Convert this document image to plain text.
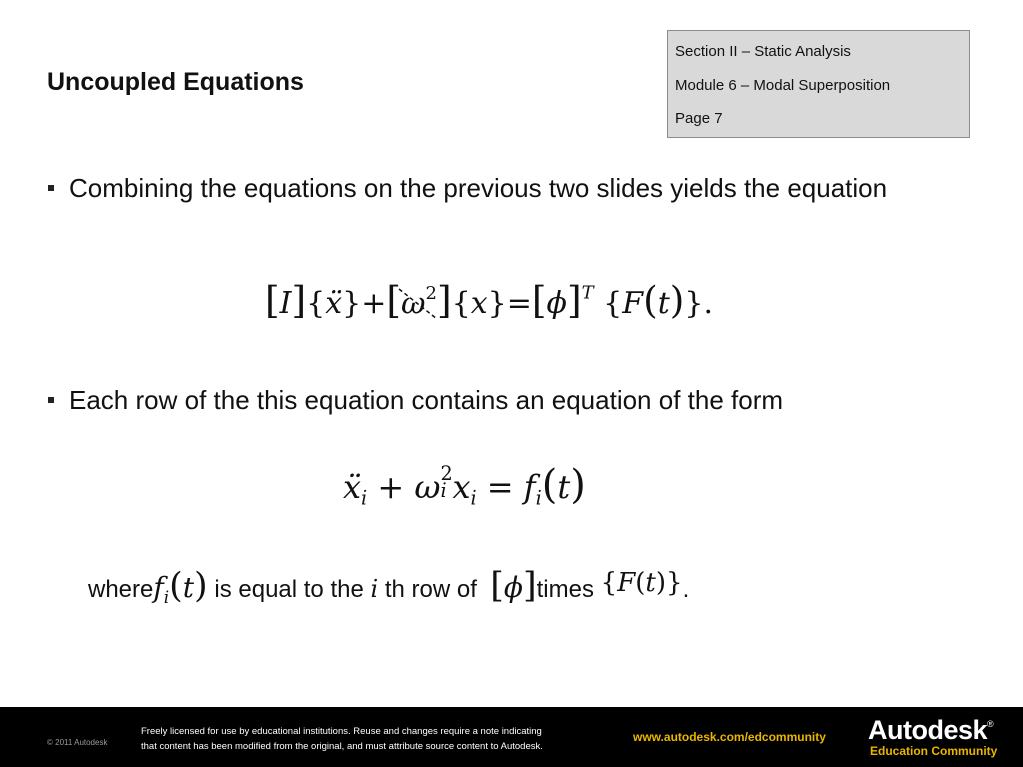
Uncoupled Equations
Section II – Static Analysis
Module 6 – Modal Superposition
Page 7
Combining the equations on the previous two slides yields the equation
$[I]\{ẍ\}+[\omega^2$
]$\{x\}=[\phi]^T$ {F(t)}.
Each row of the this equation contains an equation of the form
ẍ$_i$ + ω 2
i $x_i = f_i(t)$
wheref$_i$(t) is equal to the i th row of [ϕ]times {F(t)}.
© 2011 Autodesk
Freely licensed for use by educational institutions. Reuse and changes require a note indicating
that content has been modified from the original, and must attribute source content to Autodesk.
www.autodesk.com/edcommunity Autodesk®
Education Community
